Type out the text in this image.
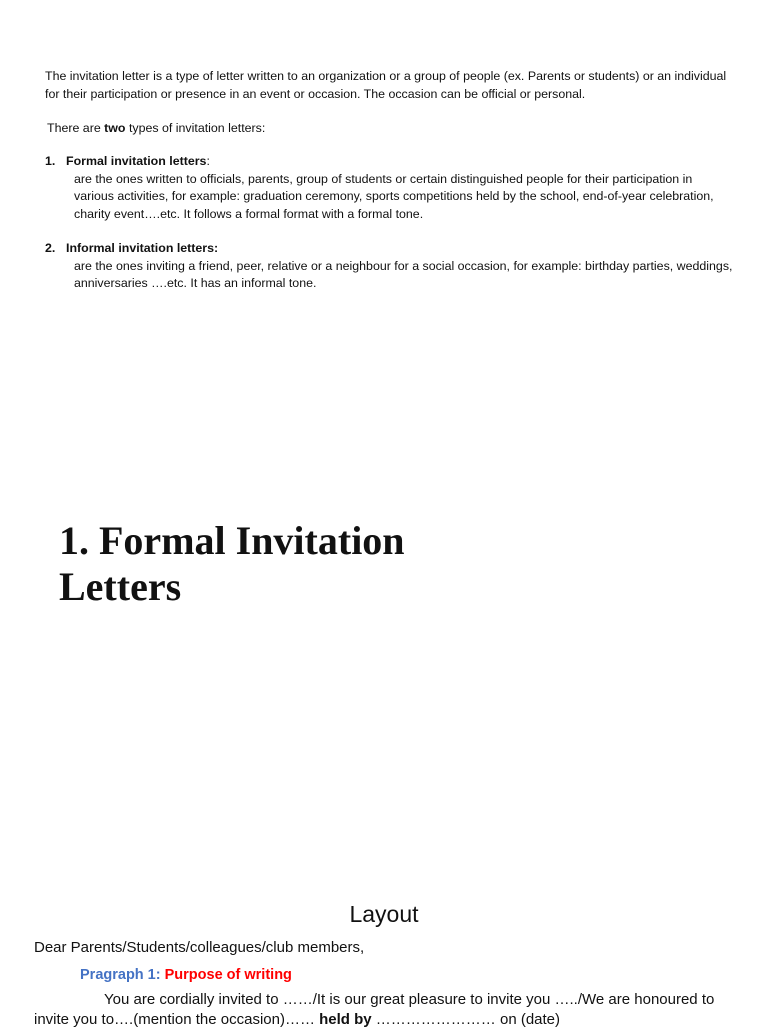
The invitation letter is a type of letter written to an organization or a group of people (ex. Parents or students) or an individual for their participation or presence in an event or occasion. The occasion can be official or personal.

There are two types of invitation letters:
1. Formal invitation letters:
are the ones written to officials, parents, group of students or certain distinguished people for their participation in various activities, for example: graduation ceremony, sports competitions held by the school, end-of-year celebration, charity event….etc. It follows a formal format with a formal tone.
2. Informal invitation letters:
are the ones inviting a friend, peer, relative or a neighbour for a social occasion, for example: birthday parties, weddings, anniversaries ….etc. It has an informal tone.
1. Formal Invitation Letters
Layout
Dear Parents/Students/colleagues/club members,
Pragraph 1: Purpose of writing
You are cordially invited to ……/It is our great pleasure to invite you …../We are honoured to invite you to….(mention the occasion)…… held by …………………… on (date)
